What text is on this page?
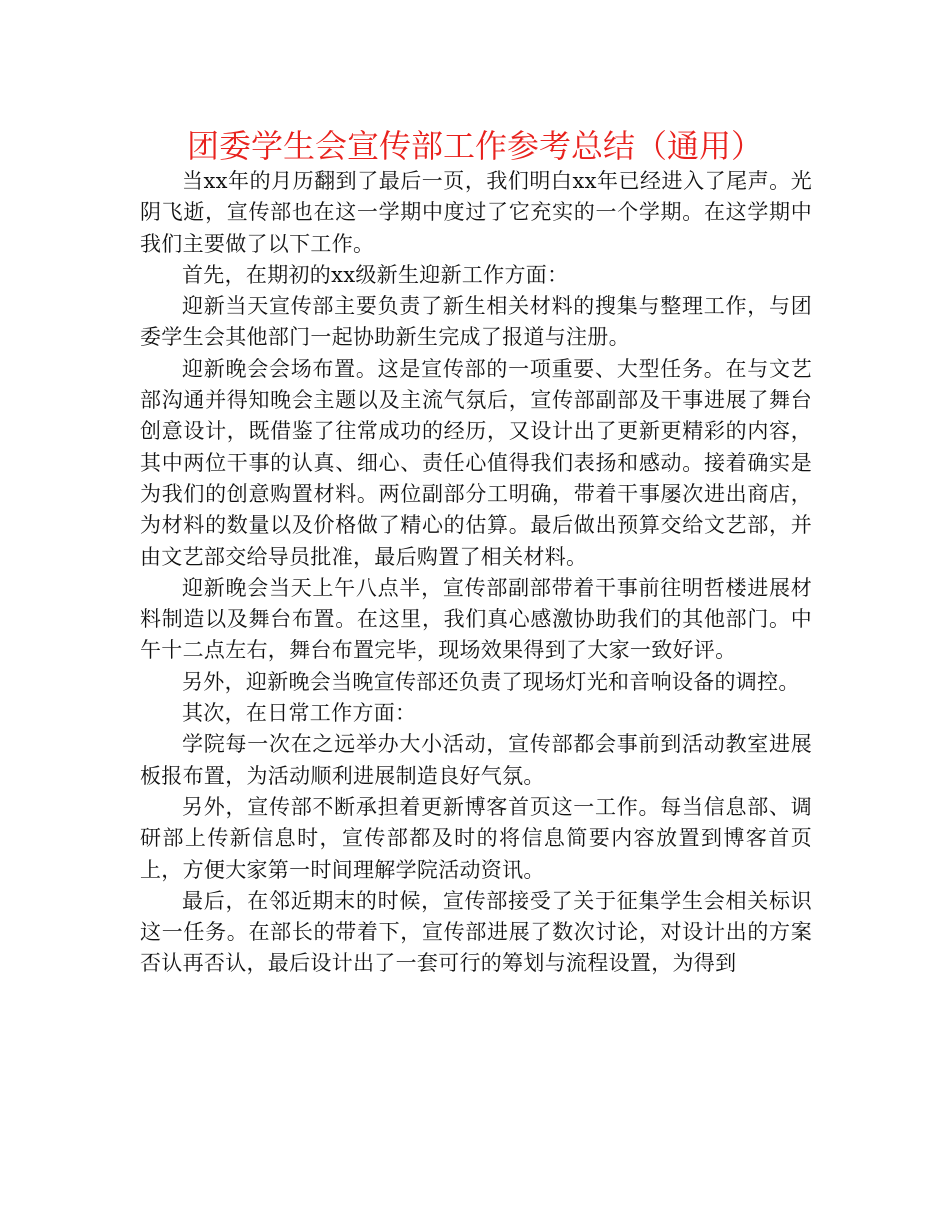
团委学生会宣传部工作参考总结（通用）

当xx年的月历翻到了最后一页，我们明白xx年已经进入了尾声。光阴飞逝，宣传部也在这一学期中度过了它充实的一个学期。在这学期中我们主要做了以下工作。

首先，在期初的xx级新生迎新工作方面：

迎新当天宣传部主要负责了新生相关材料的搜集与整理工作，与团委学生会其他部门一起协助新生完成了报道与注册。

迎新晚会会场布置。这是宣传部的一项重要、大型任务。在与文艺部沟通并得知晚会主题以及主流气氛后，宣传部副部及干事进展了舞台创意设计，既借鉴了往常成功的经历，又设计出了更新更精彩的内容，其中两位干事的认真、细心、责任心值得我们表扬和感动。接着确实是为我们的创意购置材料。两位副部分工明确，带着干事屡次进出商店，为材料的数量以及价格做了精心的估算。最后做出预算交给文艺部，并由文艺部交给导员批准，最后购置了相关材料。

迎新晚会当天上午八点半，宣传部副部带着干事前往明哲楼进展材料制造以及舞台布置。在这里，我们真心感激协助我们的其他部门。中午十二点左右，舞台布置完毕，现场效果得到了大家一致好评。

另外，迎新晚会当晚宣传部还负责了现场灯光和音响设备的调控。

其次，在日常工作方面：

学院每一次在之远举办大小活动，宣传部都会事前到活动教室进展板报布置，为活动顺利进展制造良好气氛。

另外，宣传部不断承担着更新博客首页这一工作。每当信息部、调研部上传新信息时，宣传部都及时的将信息简要内容放置到博客首页上，方便大家第一时间理解学院活动资讯。

最后，在邻近期末的时候，宣传部接受了关于征集学生会相关标识这一任务。在部长的带着下，宣传部进展了数次讨论，对设计出的方案否认再否认，最后设计出了一套可行的筹划与流程设置，为得到
